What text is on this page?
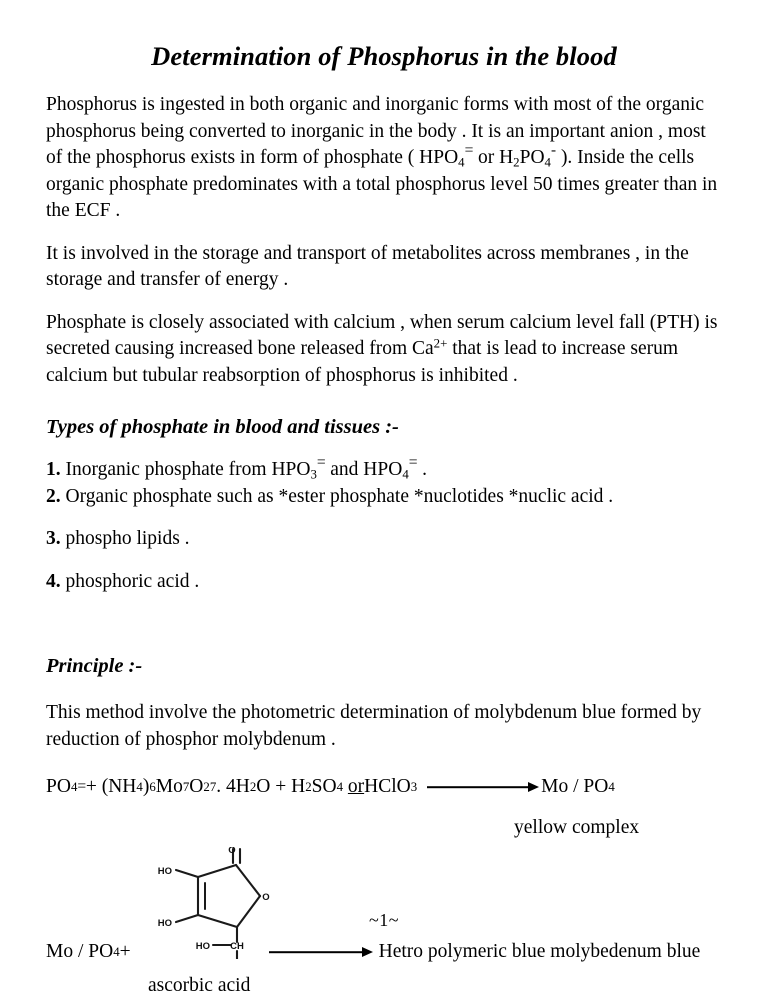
Determination of Phosphorus in the blood

Phosphorus is ingested in both organic and inorganic forms with most of the organic phosphorus being converted to inorganic in the body . It is an important anion , most of the phosphorus exists in form of phosphate ( $HPO_4^=$ or $H_2PO_4^-$ ). Inside the cells organic phosphate predominates with a total phosphorus level 50 times greater than in the ECF .

It is involved in the storage and transport of metabolites across membranes , in the storage and transfer of energy .

Phosphate is closely associated with calcium , when serum calcium level fall (PTH) is secreted causing increased bone released from $Ca^{2+}$ that is lead to increase serum calcium but tubular reabsorption of phosphorus is inhibited .

Types of phosphate in blood and tissues :-
1. Inorganic phosphate from $HPO_3^=$ and $HPO_4^=$ .
2. Organic phosphate such as *ester phosphate *nuclotides *nuclic acid .
3. phospho lipids .
4. phosphoric acid .
Principle :-

This method involve the photometric determination of molybdenum blue formed by reduction of phosphor molybdenum .

PO 4 = + (NH 4 ) 6 Mo 7 O 27 . 4H 2 O + H 2 SO 4
or HClO 3	Mo / PO 4
yellow complex
O
O
HO
HO
HO CH
Mo / PO 4 +	Hetro polymeric blue molybedenum blue
ascorbic acid
~1~
